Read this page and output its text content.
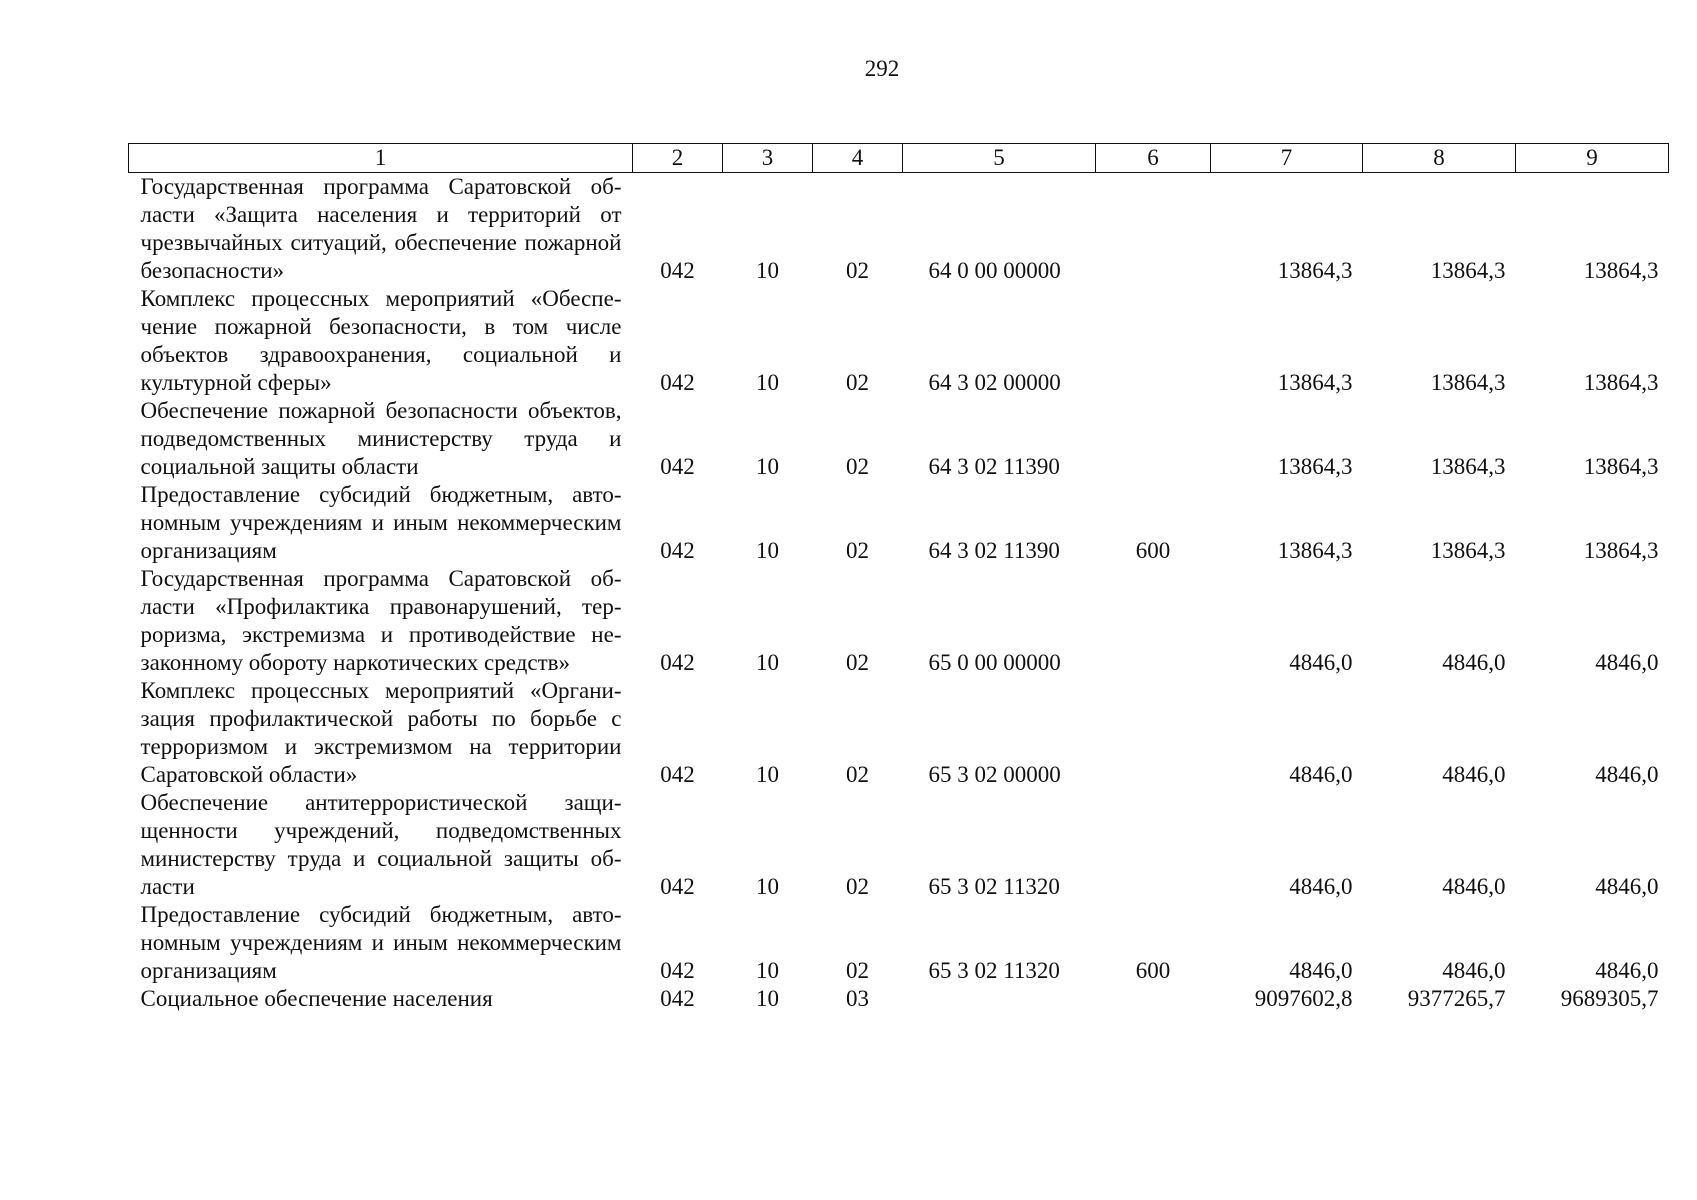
292
1	2	3	4	5	6	7	8	9
Государственная программа Саратовской области «Защита населения и территорий от чрезвычайных ситуаций, обеспечение пожарной безопасности»	042	10	02	64 0 00 00000		13864,3	13864,3	13864,3
Комплекс процессных мероприятий «Обеспечение пожарной безопасности, в том числе объектов здравоохранения, социальной и культурной сферы»	042	10	02	64 3 02 00000		13864,3	13864,3	13864,3
Обеспечение пожарной безопасности объектов, подведомственных министерству труда и социальной защиты области	042	10	02	64 3 02 11390		13864,3	13864,3	13864,3
Предоставление субсидий бюджетным, автономным учреждениям и иным некоммерческим организациям	042	10	02	64 3 02 11390	600	13864,3	13864,3	13864,3
Государственная программа Саратовской области «Профилактика правонарушений, терроризма, экстремизма и противодействие незаконному обороту наркотических средств»	042	10	02	65 0 00 00000		4846,0	4846,0	4846,0
Комплекс процессных мероприятий «Организация профилактической работы по борьбе с терроризмом и экстремизмом на территории Саратовской области»	042	10	02	65 3 02 00000		4846,0	4846,0	4846,0
Обеспечение антитеррористической защищенности учреждений, подведомственных министерству труда и социальной защиты области	042	10	02	65 3 02 11320		4846,0	4846,0	4846,0
Предоставление субсидий бюджетным, автономным учреждениям и иным некоммерческим организациям	042	10	02	65 3 02 11320	600	4846,0	4846,0	4846,0
Социальное обеспечение населения	042	10	03			9097602,8	9377265,7	9689305,7
